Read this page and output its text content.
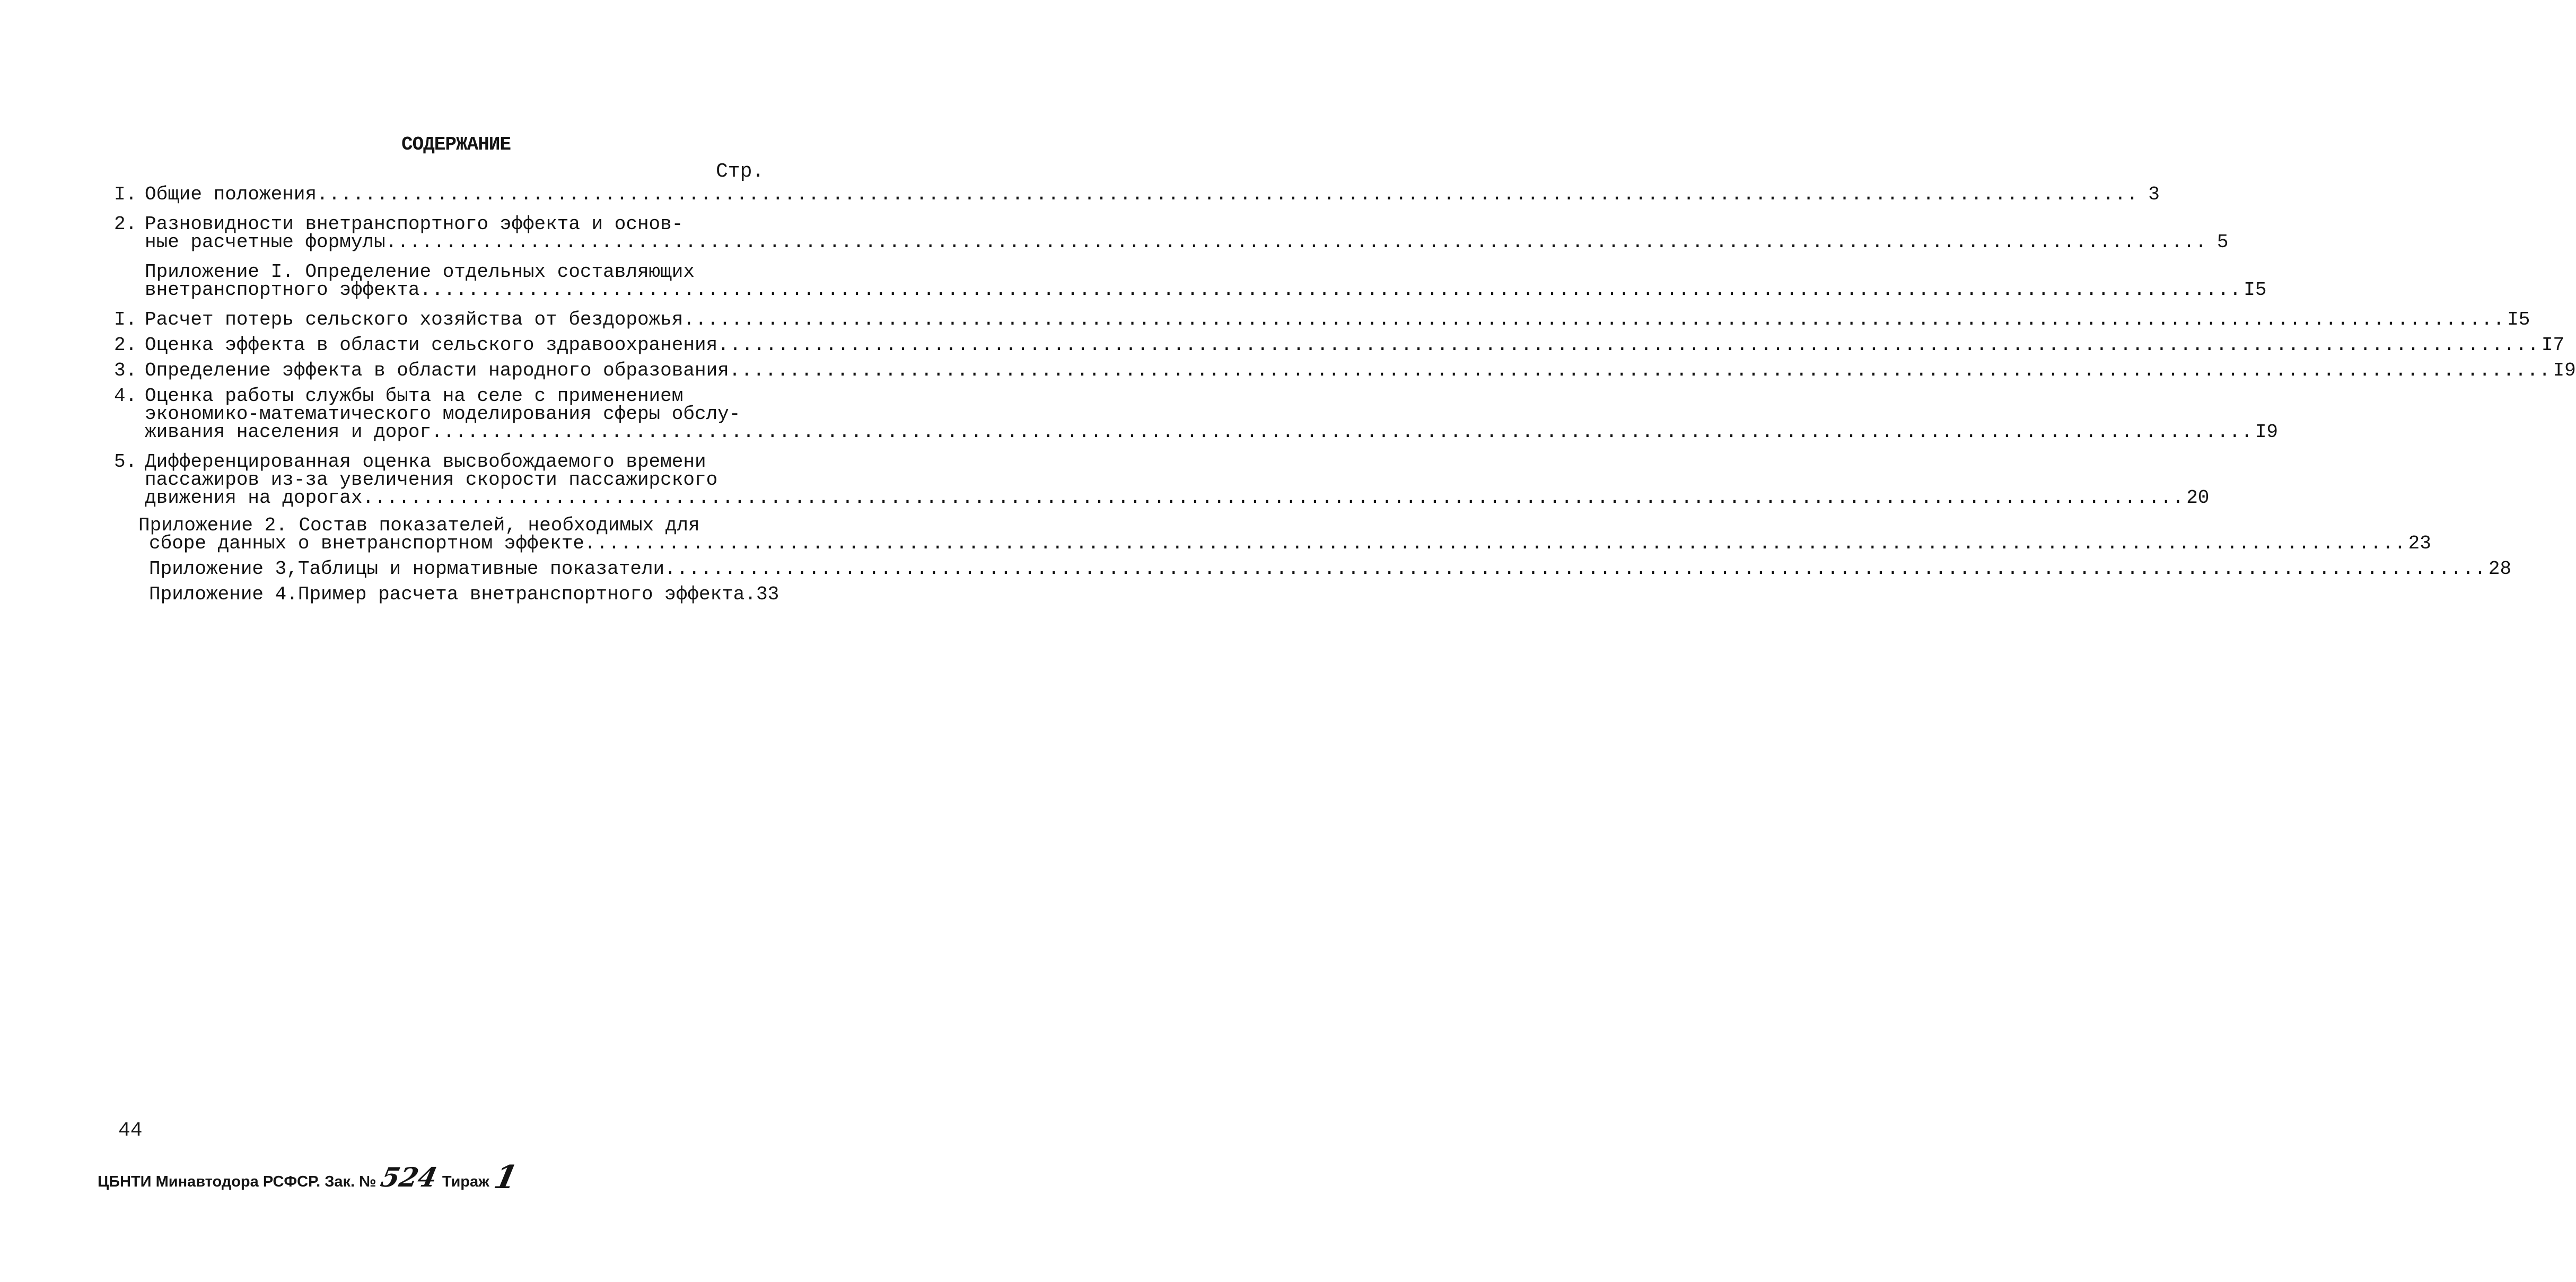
СОДЕРЖАНИЕ
Стр.
I. Общие положения .....	3
2. Разновидности внетранспортного эффекта и основ-
ные расчетные формулы .....	5
Приложение I. Определение отдельных составляющих
внетранспортного эффекта .....	I5
I. Расчет потерь сельского хозяйства от бездорожья .....	I5
2. Оценка эффекта в области сельского здравоохранения .....	I7
3. Определение эффекта в области народного образования .....	I9
4. Оценка работы службы быта на селе с применением
экономико-математического моделирования сферы обслу-
живания населения и дорог .....	I9
5. Дифференцированная оценка высвобождаемого времени
пассажиров из-за увеличения скорости пассажирского
движения на дорогах .....	20
Приложение 2. Состав показателей, необходимых для
сборе данных о внетранспортном эффекте .....	23
Приложение 3,Таблицы и нормативные показатели .....	28
Приложение 4.Пример расчета внетранспортного эффекта. 33
44
ЦБНТИ Минавтодора РСФСР. Зак. № 524 Тираж 1
